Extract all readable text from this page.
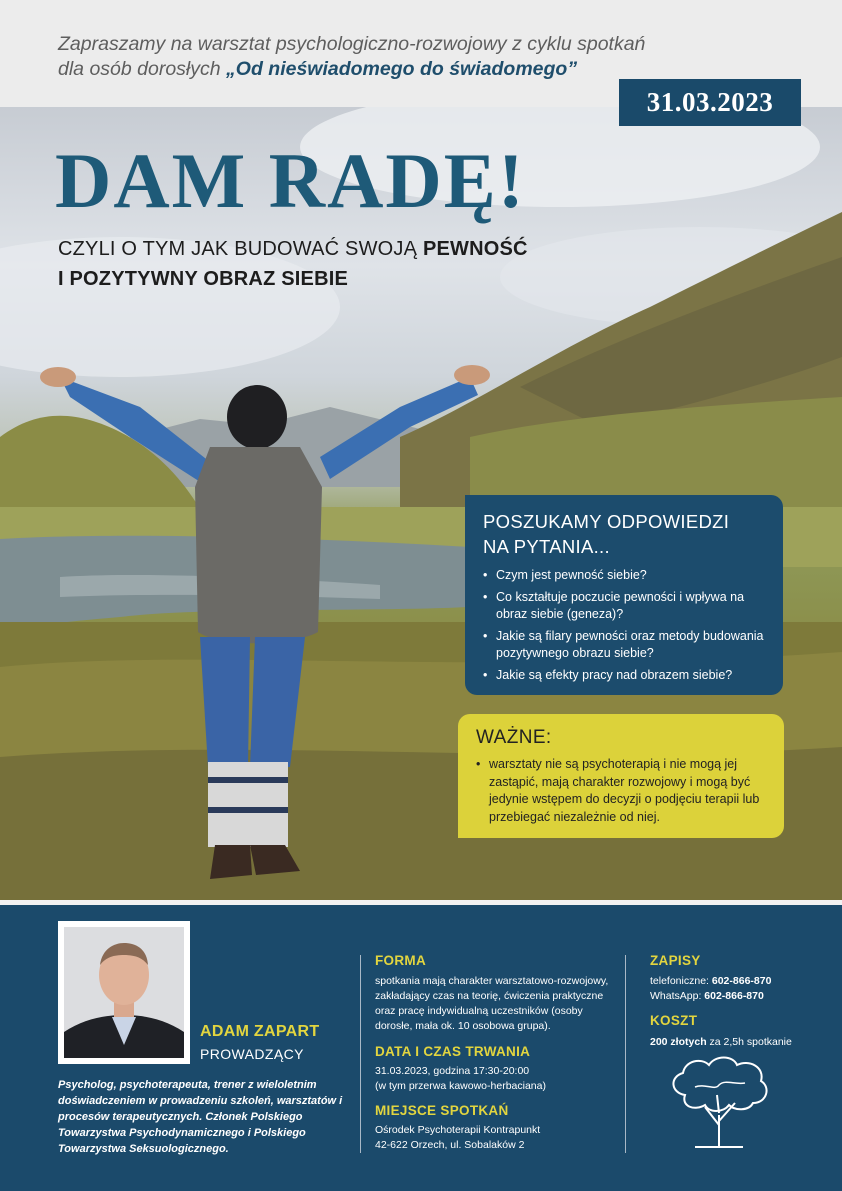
Zapraszamy na warsztat psychologiczno-rozwojowy z cyklu spotkań
dla osób dorosłych „Od nieświadomego do świadomego”
31.03.2023
DAM RADĘ!
CZYLI O TYM JAK BUDOWAĆ SWOJĄ PEWNOŚĆ
I POZYTYWNY OBRAZ SIEBIE
POSZUKAMY ODPOWIEDZI
NA PYTANIA...
• Czym jest pewność siebie?
• Co kształtuje poczucie pewności i wpływa na obraz siebie (geneza)?
• Jakie są filary pewności oraz metody budowania pozytywnego obrazu siebie?
• Jakie są efekty pracy nad obrazem siebie?
WAŻNE:
• warsztaty nie są psychoterapią i nie mogą jej zastąpić, mają charakter rozwojowy i mogą być jedynie wstępem do decyzji o podjęciu terapii lub przebiegać niezależnie od niej.
ADAM ZAPART
PROWADZĄCY
Psycholog, psychoterapeuta, trener z wieloletnim doświadczeniem w prowadzeniu szkoleń, warsztatów i procesów terapeutycznych. Członek Polskiego Towarzystwa Psychodynamicznego i Polskiego Towarzystwa Seksuologicznego.
FORMA
spotkania mają charakter warsztatowo-rozwojowy, zakładający czas na teorię, ćwiczenia praktyczne oraz pracę indywidualną uczestników (osoby dorosłe, mała ok. 10 osobowa grupa).
DATA I CZAS TRWANIA
31.03.2023, godzina 17:30-20:00
(w tym przerwa kawowo-herbaciana)
MIEJSCE SPOTKAŃ
Ośrodek Psychoterapii Kontrapunkt
42-622 Orzech, ul. Sobalaków 2
ZAPISY
telefoniczne: 602-866-870
WhatsApp: 602-866-870
KOSZT
200 złotych za 2,5h spotkanie
